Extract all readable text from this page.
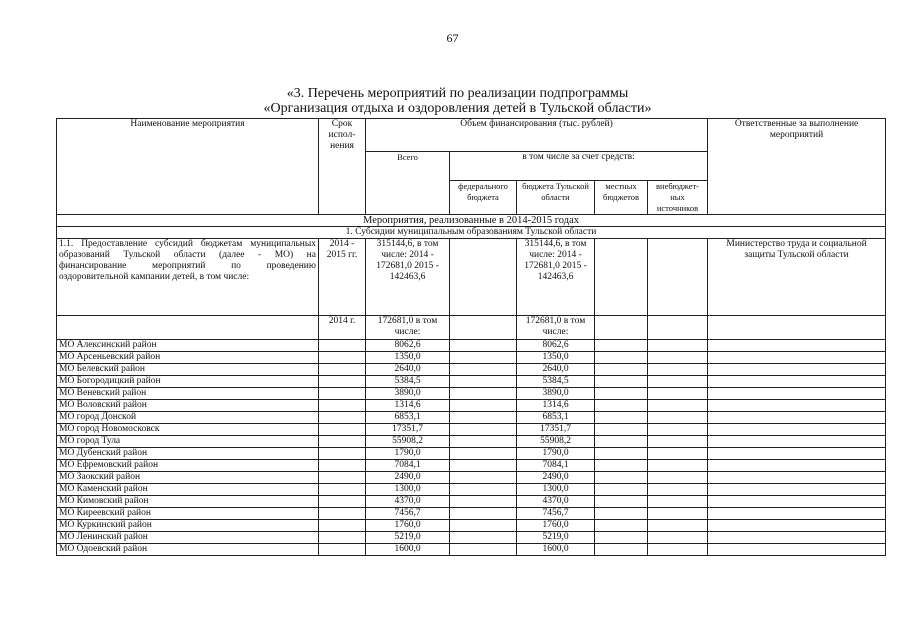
67
«3. Перечень мероприятий по реализации подпрограммы
«Организация отдыха и оздоровления детей в Тульской области»
Наименование мероприятия	Срок испол-нения	Объем финансирования (тыс. рублей)					Ответственные за выполнение мероприятий
		Всего	в том числе за счет средств:				
			федерального бюджета	бюджета Тульской области	местных бюджетов	внебюджет-ных источников	
Мероприятия, реализованные в 2014-2015 годах							
1. Субсидии муниципальным образованиям Тульской области							
1.1. Предоставление субсидий бюджетам муниципальных образований Тульской области (далее - МО) на финансирование мероприятий по проведению оздоровительной кампании детей, в том числе:	2014 - 2015 гг.	315144,6, в том числе: 2014 - 172681,0 2015 - 142463,6		315144,6, в том числе: 2014 - 172681,0 2015 - 142463,6			Министерство труда и социальной защиты Тульской области
	2014 г.	172681,0 в том числе:		172681,0 в том числе:			
МО Алексинский район		8062,6		8062,6			
МО Арсеньевский район		1350,0		1350,0			
МО Белевский район		2640,0		2640,0			
МО Богородицкий район		5384,5		5384,5			
МО Веневский район		3890,0		3890,0			
МО Воловский район		1314,6		1314,6			
МО город Донской		6853,1		6853,1			
МО город Новомосковск		17351,7		17351,7			
МО город Тула		55908,2		55908,2			
МО Дубенский район		1790,0		1790,0			
МО Ефремовский район		7084,1		7084,1			
МО Заокский район		2490,0		2490,0			
МО Каменский район		1300,0		1300,0			
МО Кимовский район		4370,0		4370,0			
МО Киреевский район		7456,7		7456,7			
МО Куркинский район		1760,0		1760,0			
МО Ленинский район		5219,0		5219,0			
МО Одоевский район		1600,0		1600,0			
